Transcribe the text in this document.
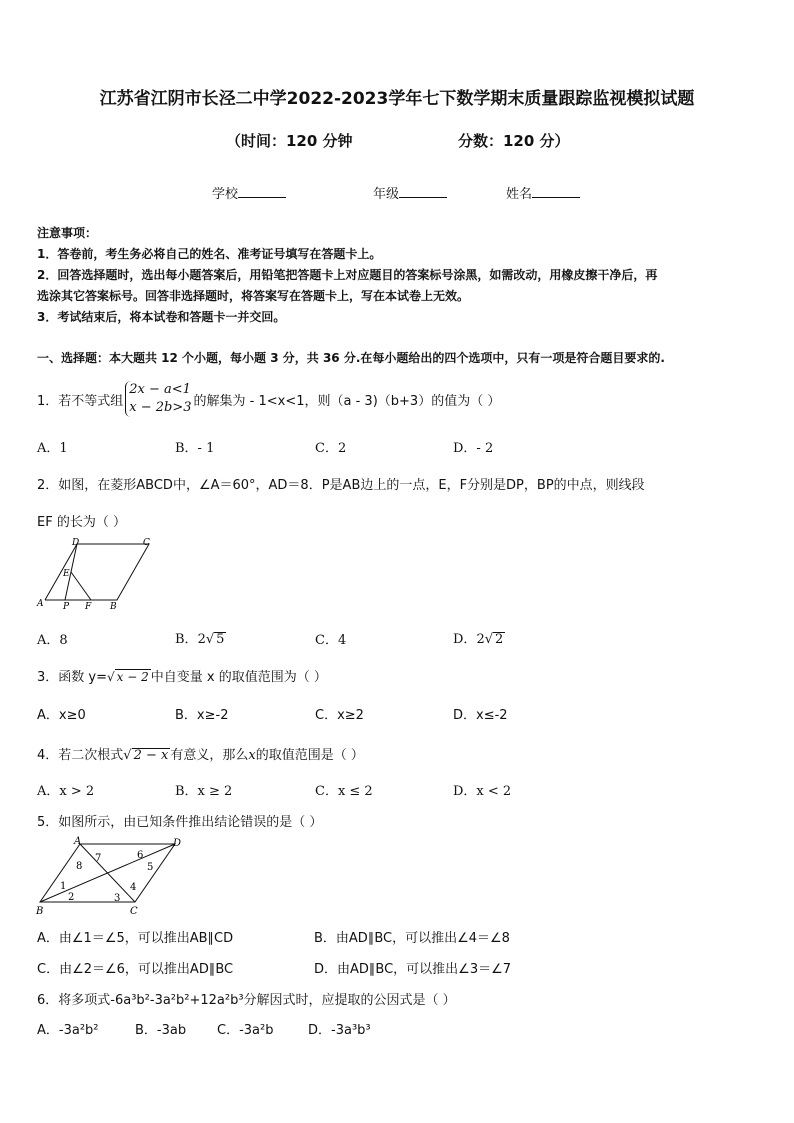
江苏省江阴市长泾二中学2022-2023学年七下数学期末质量跟踪监视模拟试题
（时间：120 分钟	分数：120 分）
学校	年级	姓名
注意事项：
1．答卷前，考生务必将自己的姓名、准考证号填写在答题卡上。
2．回答选择题时，选出每小题答案后，用铅笔把答题卡上对应题目的答案标号涂黑，如需改动，用橡皮擦干净后，再
选涂其它答案标号。回答非选择题时，将答案写在答题卡上，写在本试卷上无效。
3．考试结束后，将本试卷和答题卡一并交回。
一、选择题：本大题共 12 个小题，每小题 3 分，共 36 分.在每小题给出的四个选项中，只有一项是符合题目要求的.
1．若不等式组
2x − a<1
x − 2b>3 的解集为 - 1<x<1，则（a - 3)（b+3）的值为（ ）
A．1	B．- 1	C．2	D．- 2
2．如图，在菱形ABCD中，∠A＝60°，AD＝8．P是AB边上的一点，E，F分别是DP，BP的中点，则线段
EF 的长为（ ）
D	C
E
A P F B
A．8	B．2√ 5	C．4	D．2√ 2
3．函数 y=√ x − 2 中自变量 x 的取值范围为（ ）
A．x≥0	B．x≥-2	C．x≥2	D．x≤-2
4．若二次根式√ 2 − x 有意义，那么x的取值范围是（ ）
A．x > 2	B．x ≥ 2	C．x ≤ 2	D．x < 2
5．如图所示，由已知条件推出结论错误的是（ ）
A	D
B	C
1
2	3
4
5
6
7
8
A．由∠1＝∠5，可以推出AB∥CD	B．由AD∥BC，可以推出∠4＝∠8
C．由∠2＝∠6，可以推出AD∥BC	D．由AD∥BC，可以推出∠3＝∠7
6．将多项式-6a³b²-3a²b²+12a²b³分解因式时，应提取的公因式是（ ）
A．-3a²b²	B．-3ab C．-3a²b	D．-3a³b³
